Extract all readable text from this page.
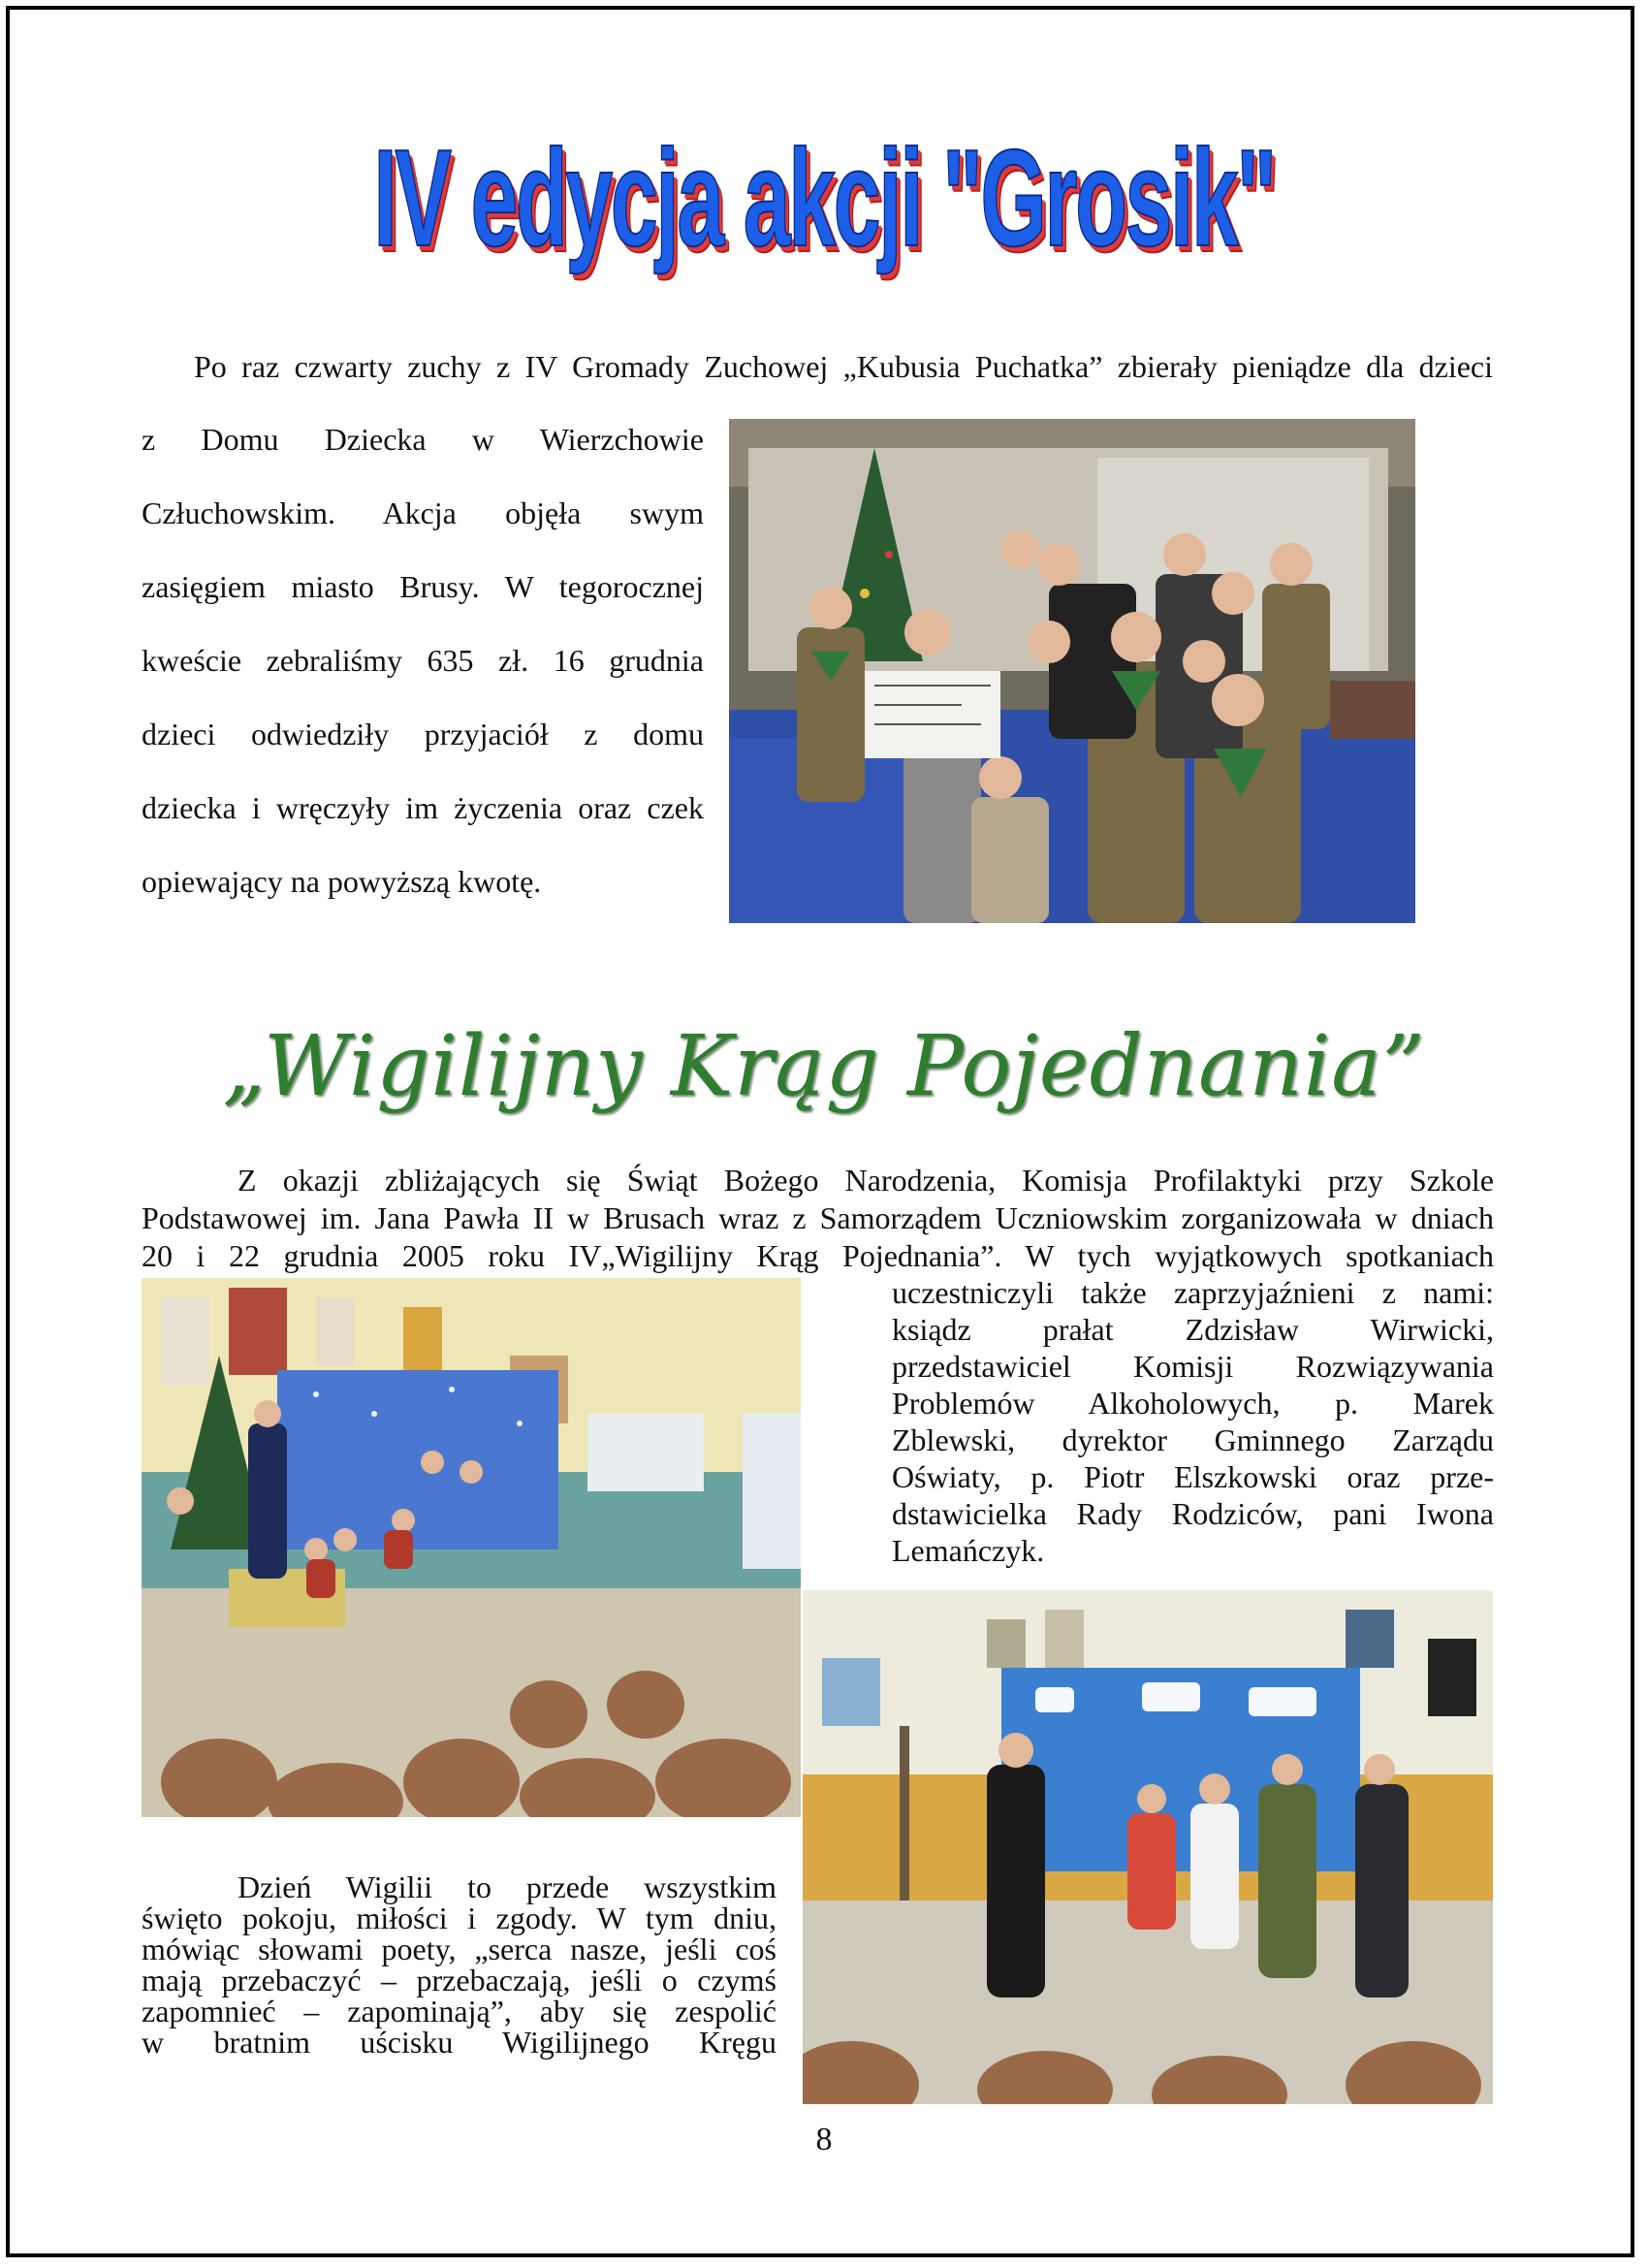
IV edycja akcji "Grosik"
Po raz czwarty zuchy z IV Gromady Zuchowej „Kubusia Puchatka” zbierały pieniądze dla dzieci
z Domu Dziecka w Wierzchowie
Człuchowskim. Akcja objęła swym
zasięgiem miasto Brusy. W tegorocznej
kweście zebraliśmy 635 zł. 16 grudnia
dzieci odwiedziły przyjaciół z domu
dziecka i wręczyły im życzenia oraz czek
opiewający na powyższą kwotę.
„Wigilijny Krąg Pojednania”
Z okazji zbliżających się Świąt Bożego Narodzenia, Komisja Profilaktyki przy Szkole
Podstawowej im. Jana Pawła II w Brusach wraz z Samorządem Uczniowskim zorganizowała w dniach
20 i 22 grudnia 2005 roku IV„Wigilijny Krąg Pojednania”. W tych wyjątkowych spotkaniach
uczestniczyli także zaprzyjaźnieni z nami:
ksiądz prałat Zdzisław Wirwicki,
przedstawiciel Komisji Rozwiązywania
Problemów Alkoholowych, p. Marek
Zblewski, dyrektor Gminnego Zarządu
Oświaty, p. Piotr Elszkowski oraz prze-
dstawicielka Rady Rodziców, pani Iwona
Lemańczyk.
Dzień Wigilii to przede wszystkim
święto pokoju, miłości i zgody. W tym dniu,
mówiąc słowami poety, „serca nasze, jeśli coś
mają przebaczyć – przebaczają, jeśli o czymś
zapomnieć – zapominają”, aby się zespolić
w bratnim uścisku Wigilijnego Kręgu
8
